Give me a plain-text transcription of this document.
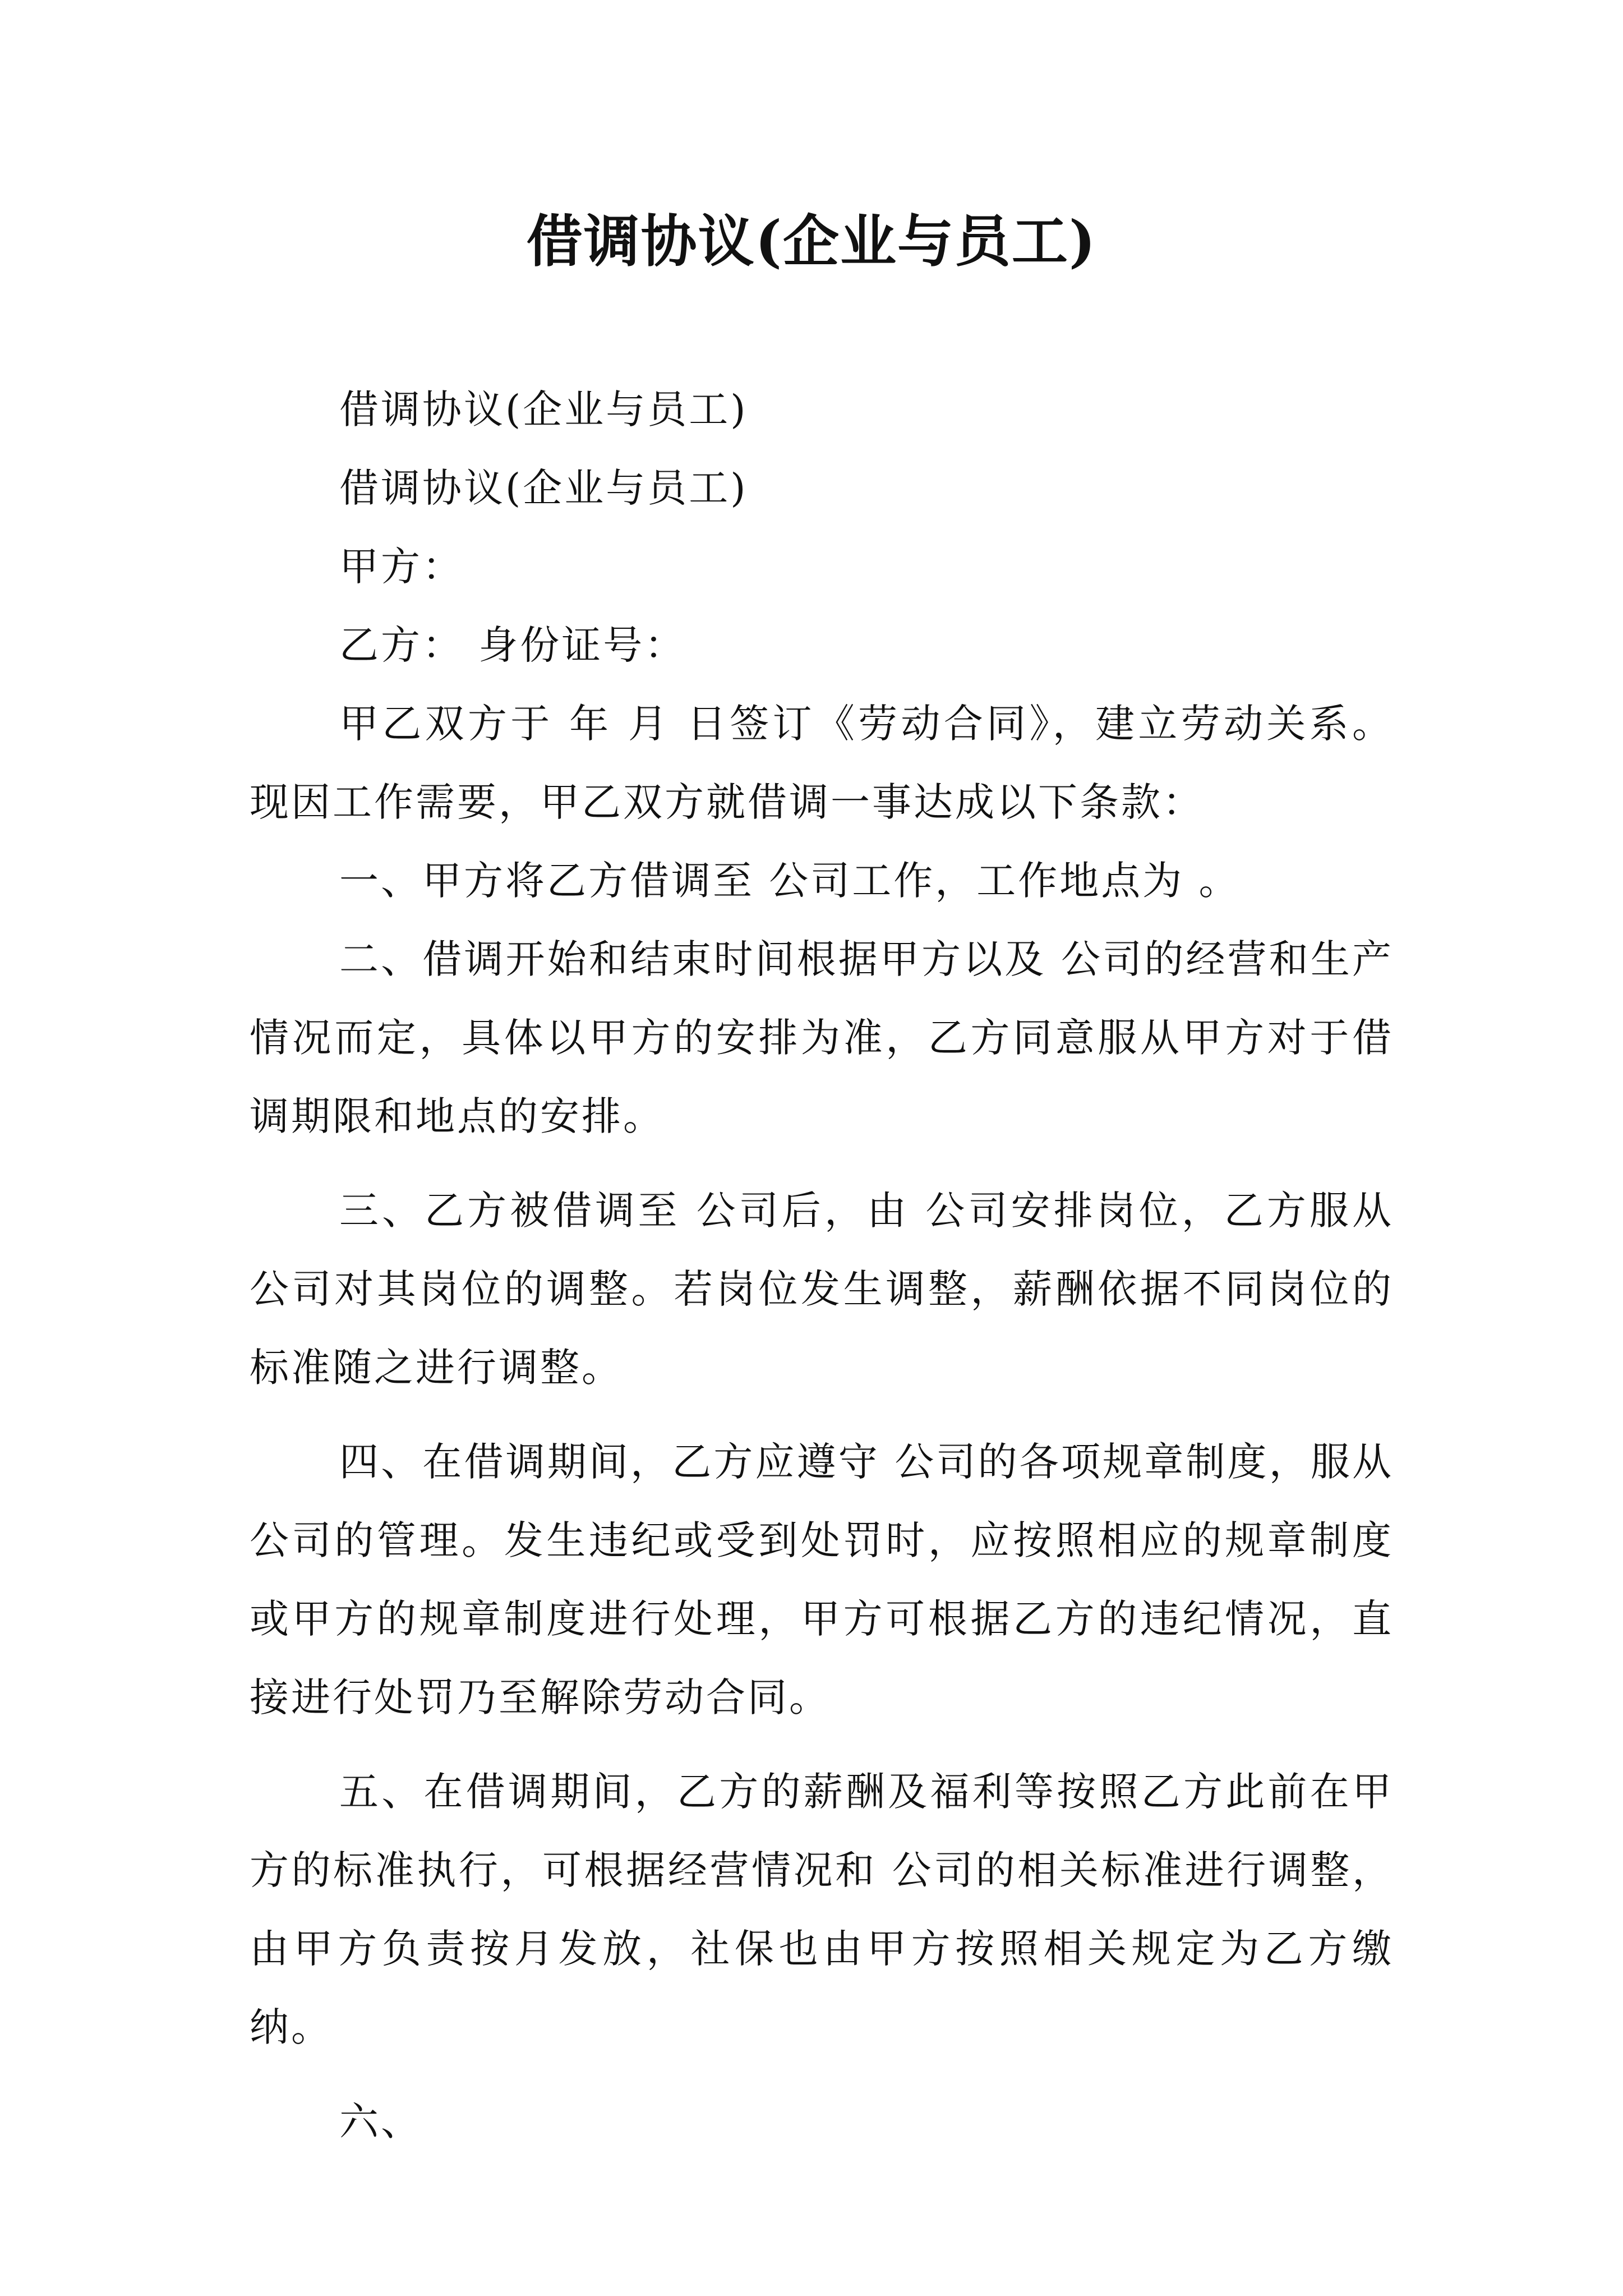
借调协议(企业与员工)

借调协议(企业与员工)

借调协议(企业与员工)

甲方：

乙方： 身份证号：

甲乙双方于 年 月 日签订《劳动合同》，建立劳动关系。现因工作需要，甲乙双方就借调一事达成以下条款：

一、甲方将乙方借调至 公司工作，工作地点为 。

二、借调开始和结束时间根据甲方以及 公司的经营和生产情况而定，具体以甲方的安排为准，乙方同意服从甲方对于借调期限和地点的安排。

三、乙方被借调至 公司后，由 公司安排岗位，乙方服从 公司对其岗位的调整。若岗位发生调整，薪酬依据不同岗位的标准随之进行调整。

四、在借调期间，乙方应遵守 公司的各项规章制度，服从公司的管理。发生违纪或受到处罚时，应按照相应的规章制度或甲方的规章制度进行处理，甲方可根据乙方的违纪情况，直接进行处罚乃至解除劳动合同。

五、在借调期间，乙方的薪酬及福利等按照乙方此前在甲方的标准执行，可根据经营情况和 公司的相关标准进行调整，由甲方负责按月发放，社保也由甲方按照相关规定为乙方缴纳。

六、
